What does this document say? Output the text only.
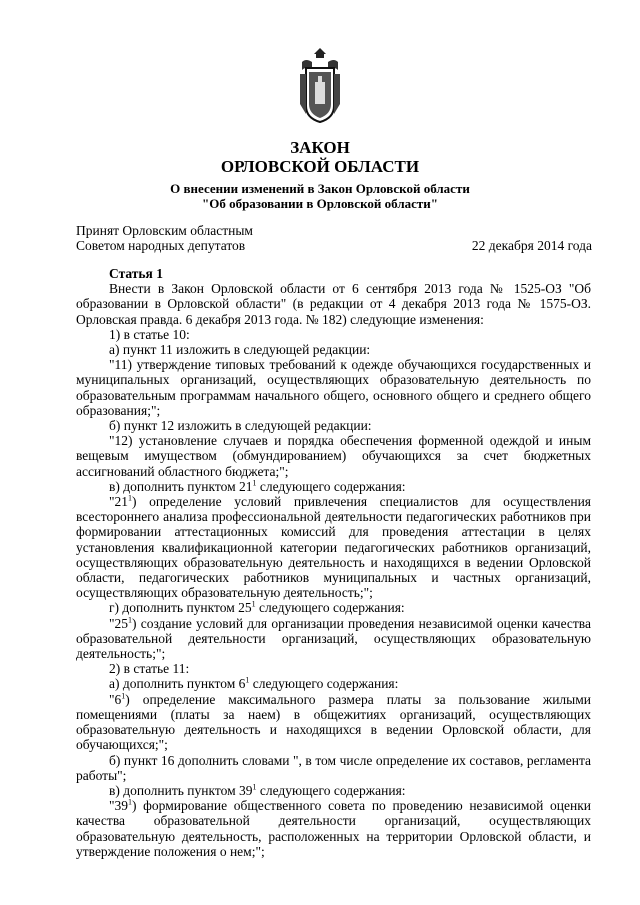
ЗАКОН
ОРЛОВСКОЙ ОБЛАСТИ
О внесении изменений в Закон Орловской области
"Об образовании в Орловской области"
Принят Орловским областным
Советом народных депутатов	22 декабря 2014 года

Статья 1

Внести в Закон Орловской области от 6 сентября 2013 года № 1525-ОЗ "Об образовании в Орловской области" (в редакции от 4 декабря 2013 года № 1575-ОЗ. Орловская правда. 6 декабря 2013 года. № 182) следующие изменения:

1) в статье 10:

а) пункт 11 изложить в следующей редакции:

"11) утверждение типовых требований к одежде обучающихся государственных и муниципальных организаций, осуществляющих образовательную деятельность по образовательным программам начального общего, основного общего и среднего общего образования;";

б) пункт 12 изложить в следующей редакции:

"12) установление случаев и порядка обеспечения форменной одеждой и иным вещевым имуществом (обмундированием) обучающихся за счет бюджетных ассигнований областного бюджета;";

в) дополнить пунктом $21^1$ следующего содержания:

"$21^1$) определение условий привлечения специалистов для осуществления всестороннего анализа профессиональной деятельности педагогических работников при формировании аттестационных комиссий для проведения аттестации в целях установления квалификационной категории педагогических работников организаций, осуществляющих образовательную деятельность и находящихся в ведении Орловской области, педагогических работников муниципальных и частных организаций, осуществляющих образовательную деятельность;";

г) дополнить пунктом $25^1$ следующего содержания:

"$25^1$) создание условий для организации проведения независимой оценки качества образовательной деятельности организаций, осуществляющих образовательную деятельность;";

2) в статье 11:

а) дополнить пунктом $6^1$ следующего содержания:

"$6^1$) определение максимального размера платы за пользование жилыми помещениями (платы за наем) в общежитиях организаций, осуществляющих образовательную деятельность и находящихся в ведении Орловской области, для обучающихся;";

б) пункт 16 дополнить словами ", в том числе определение их составов, регламента работы";

в) дополнить пунктом $39^1$ следующего содержания:

"$39^1$) формирование общественного совета по проведению независимой оценки качества образовательной деятельности организаций, осуществляющих образовательную деятельность, расположенных на территории Орловской области, и утверждение положения о нем;";
